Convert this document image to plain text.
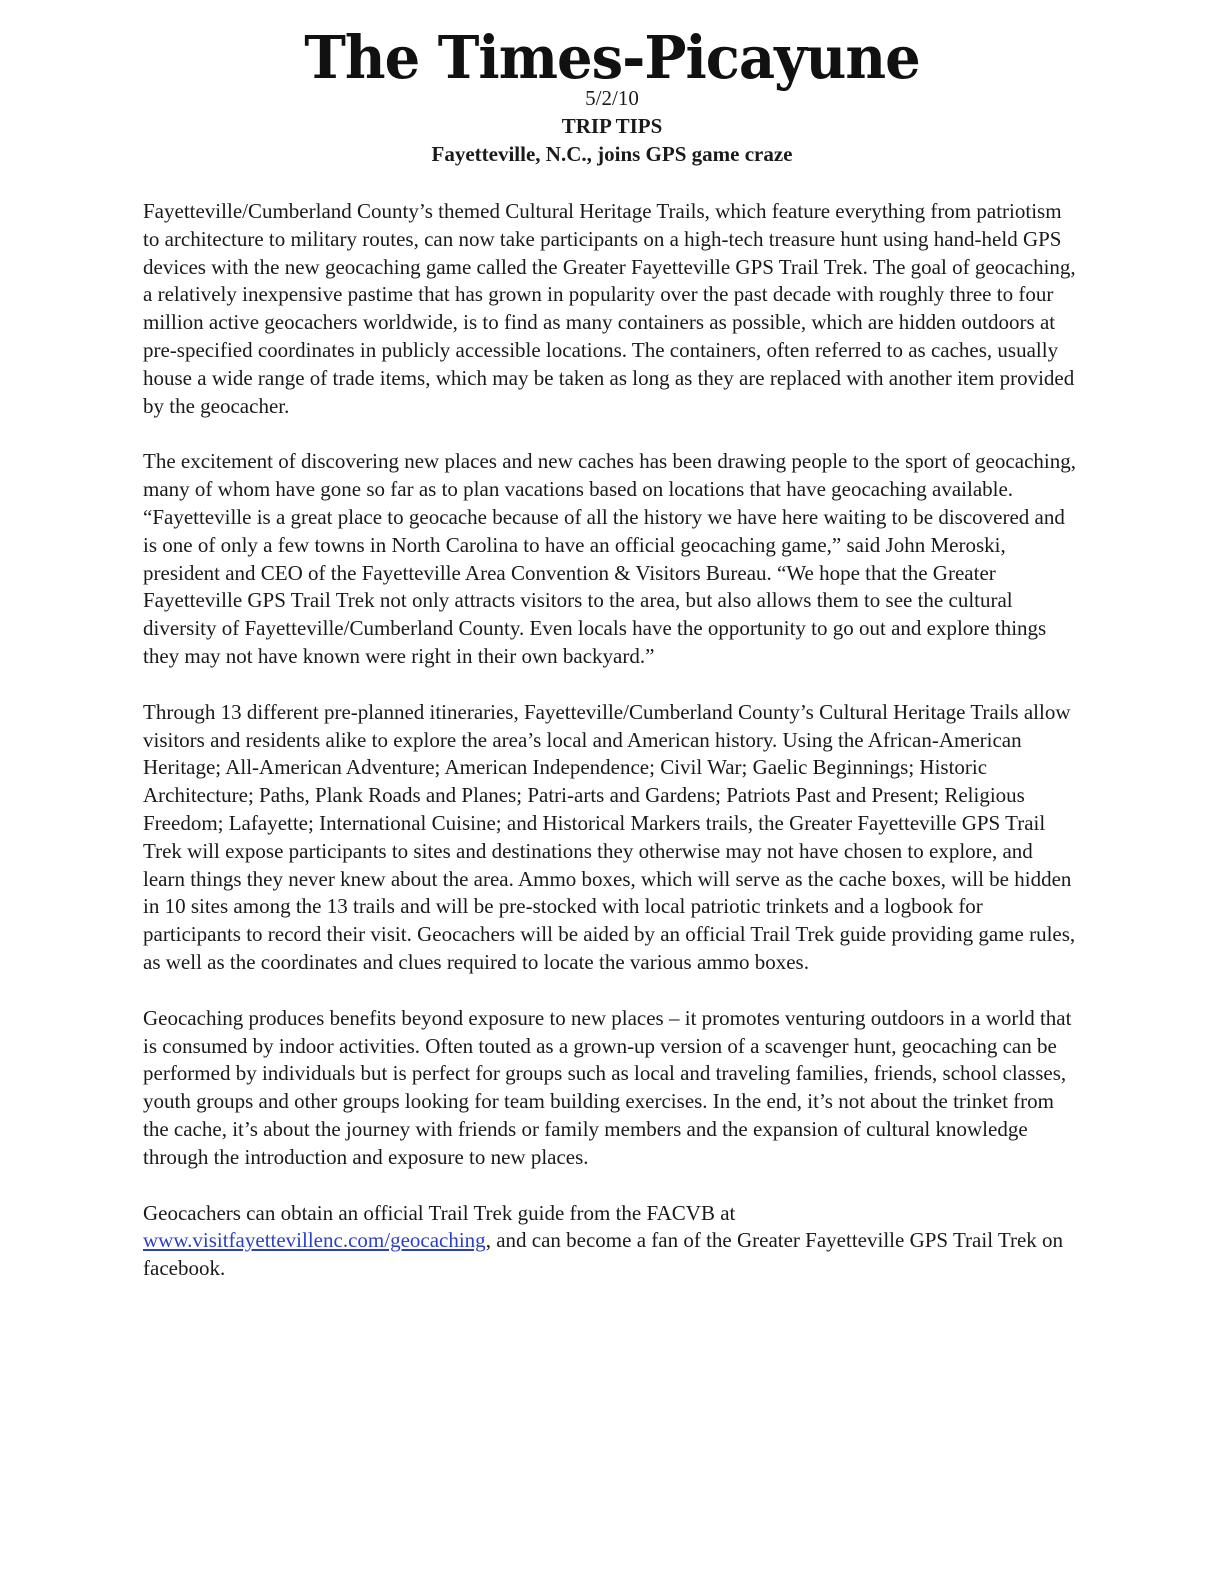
The Times-Picayune
5/2/10
TRIP TIPS
Fayetteville, N.C., joins GPS game craze

Fayetteville/Cumberland County’s themed Cultural Heritage Trails, which feature everything from patriotism to architecture to military routes, can now take participants on a high-tech treasure hunt using hand-held GPS devices with the new geocaching game called the Greater Fayetteville GPS Trail Trek. The goal of geocaching, a relatively inexpensive pastime that has grown in popularity over the past decade with roughly three to four million active geocachers worldwide, is to find as many containers as possible, which are hidden outdoors at pre-specified coordinates in publicly accessible locations. The containers, often referred to as caches, usually house a wide range of trade items, which may be taken as long as they are replaced with another item provided by the geocacher.

The excitement of discovering new places and new caches has been drawing people to the sport of geocaching, many of whom have gone so far as to plan vacations based on locations that have geocaching available. “Fayetteville is a great place to geocache because of all the history we have here waiting to be discovered and is one of only a few towns in North Carolina to have an official geocaching game,” said John Meroski, president and CEO of the Fayetteville Area Convention & Visitors Bureau. “We hope that the Greater Fayetteville GPS Trail Trek not only attracts visitors to the area, but also allows them to see the cultural diversity of Fayetteville/Cumberland County. Even locals have the opportunity to go out and explore things they may not have known were right in their own backyard.”

Through 13 different pre-planned itineraries, Fayetteville/Cumberland County’s Cultural Heritage Trails allow visitors and residents alike to explore the area’s local and American history. Using the African-American Heritage; All-American Adventure; American Independence; Civil War; Gaelic Beginnings; Historic Architecture; Paths, Plank Roads and Planes; Patri-arts and Gardens; Patriots Past and Present; Religious Freedom; Lafayette; International Cuisine; and Historical Markers trails, the Greater Fayetteville GPS Trail Trek will expose participants to sites and destinations they otherwise may not have chosen to explore, and learn things they never knew about the area. Ammo boxes, which will serve as the cache boxes, will be hidden in 10 sites among the 13 trails and will be pre-stocked with local patriotic trinkets and a logbook for participants to record their visit. Geocachers will be aided by an official Trail Trek guide providing game rules, as well as the coordinates and clues required to locate the various ammo boxes.

Geocaching produces benefits beyond exposure to new places – it promotes venturing outdoors in a world that is consumed by indoor activities. Often touted as a grown-up version of a scavenger hunt, geocaching can be performed by individuals but is perfect for groups such as local and traveling families, friends, school classes, youth groups and other groups looking for team building exercises. In the end, it’s not about the trinket from the cache, it’s about the journey with friends or family members and the expansion of cultural knowledge through the introduction and exposure to new places.

Geocachers can obtain an official Trail Trek guide from the FACVB at www.visitfayettevillenc.com/geocaching, and can become a fan of the Greater Fayetteville GPS Trail Trek on facebook.
